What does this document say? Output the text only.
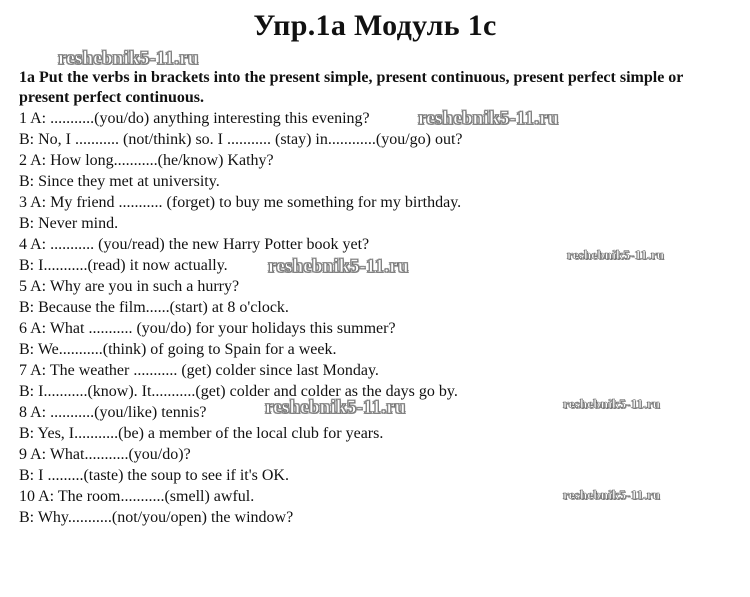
Упр.1а Модуль 1с
1a Put the verbs in brackets into the present simple, present continuous, present perfect simple or present perfect continuous.
1 A: ...........(you/do) anything interesting this evening?
B: No, I ........... (not/think) so. I ........... (stay) in............(you/go) out?
2 A: How long...........(he/know) Kathy?
B: Since they met at university.
3 A: My friend ........... (forget) to buy me something for my birthday.
B: Never mind.
4 A: ........... (you/read) the new Harry Potter book yet?
B: I...........(read) it now actually.
5 A: Why are you in such a hurry?
B: Because the film......(start) at 8 o'clock.
6 A: What ........... (you/do) for your holidays this summer?
B: We...........(think) of going to Spain for a week.
7 A: The weather ........... (get) colder since last Monday.
B: I...........(know). It...........(get) colder and colder as the days go by.
8 A: ...........(you/like) tennis?
B: Yes, I...........(be) a member of the local club for years.
9 A: What...........(you/do)?
B: I .........(taste) the soup to see if it's OK.
10 A: The room...........(smell) awful.
B: Why...........(not/you/open) the window?
reshebnik5-11.ru
reshebnik5-11.ru
reshebnik5-11.ru
reshebnik5-11.ru
reshebnik5-11.ru	reshebnik5-11.ru
reshebnik5-11.ru
